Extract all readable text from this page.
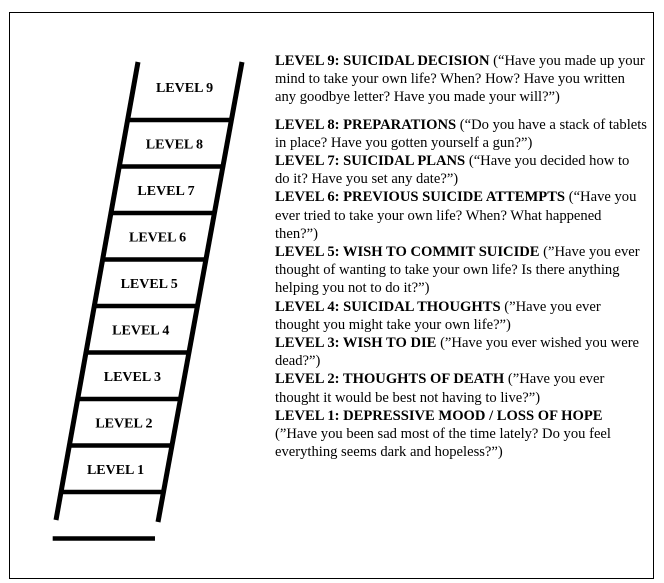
LEVEL 9
LEVEL 8
LEVEL 7
LEVEL 6
LEVEL 5
LEVEL 4
LEVEL 3
LEVEL 2
LEVEL 1

LEVEL 9: SUICIDAL DECISION (“Have you made up your mind to take your own life? When? How? Have you written any goodbye letter? Have you made your will?”)

LEVEL 8: PREPARATIONS (“Do you have a stack of tablets in place? Have you gotten yourself a gun?”)

LEVEL 7: SUICIDAL PLANS (“Have you decided how to do it? Have you set any date?”)

LEVEL 6: PREVIOUS SUICIDE ATTEMPTS (“Have you ever tried to take your own life? When? What happened then?”)

LEVEL 5: WISH TO COMMIT SUICIDE (”Have you ever thought of wanting to take your own life? Is there anything helping you not to do it?”)

LEVEL 4: SUICIDAL THOUGHTS (”Have you ever thought you might take your own life?”)

LEVEL 3: WISH TO DIE (”Have you ever wished you were dead?”)

LEVEL 2: THOUGHTS OF DEATH (”Have you ever thought it would be best not having to live?”)

LEVEL 1: DEPRESSIVE MOOD / LOSS OF HOPE (”Have you been sad most of the time lately? Do you feel everything seems dark and hopeless?”)
